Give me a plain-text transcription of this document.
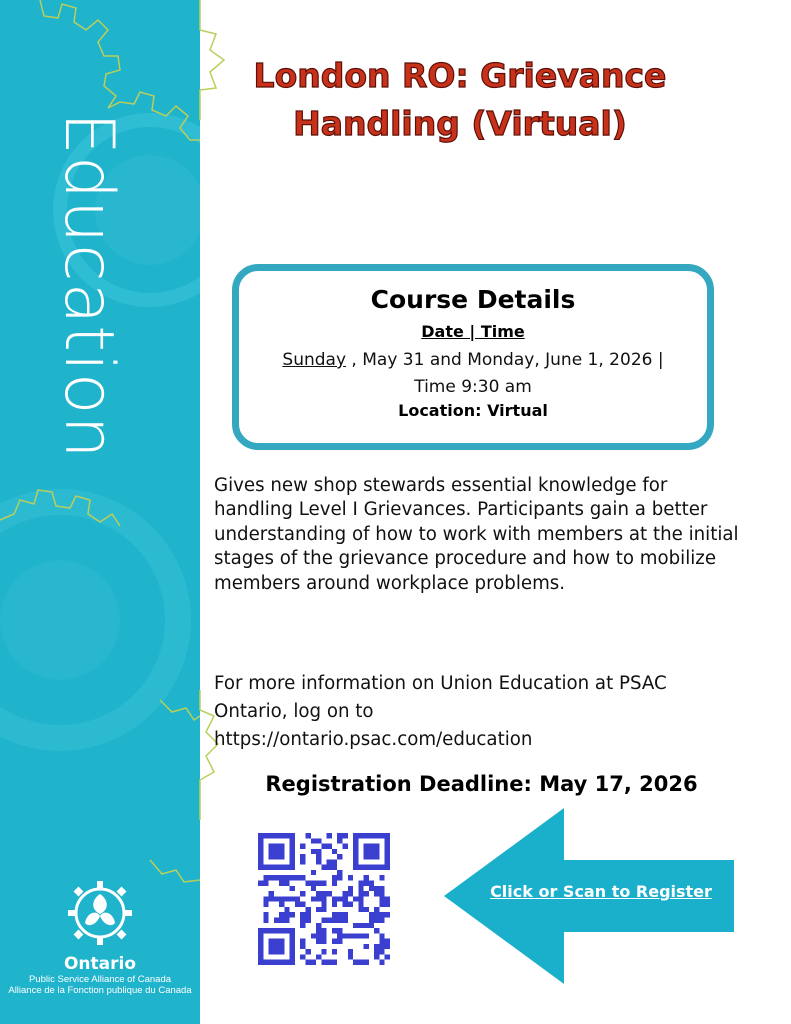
Education
Ontario
Public Service Alliance of Canada
Alliance de la Fonction publique du Canada
London RO: Grievance
Handling (Virtual)
Course Details
Date | Time
Sunday , May 31 and Monday, June 1, 2026 |
Time 9:30 am
Location: Virtual
Gives new shop stewards essential knowledge for handling Level I Grievances. Participants gain a better understanding of how to work with members at the initial stages of the grievance procedure and how to mobilize members around workplace problems.
For more information on Union Education at PSAC Ontario, log on to
https://ontario.psac.com/education
Registration Deadline: May 17, 2026
Click or Scan to Register
